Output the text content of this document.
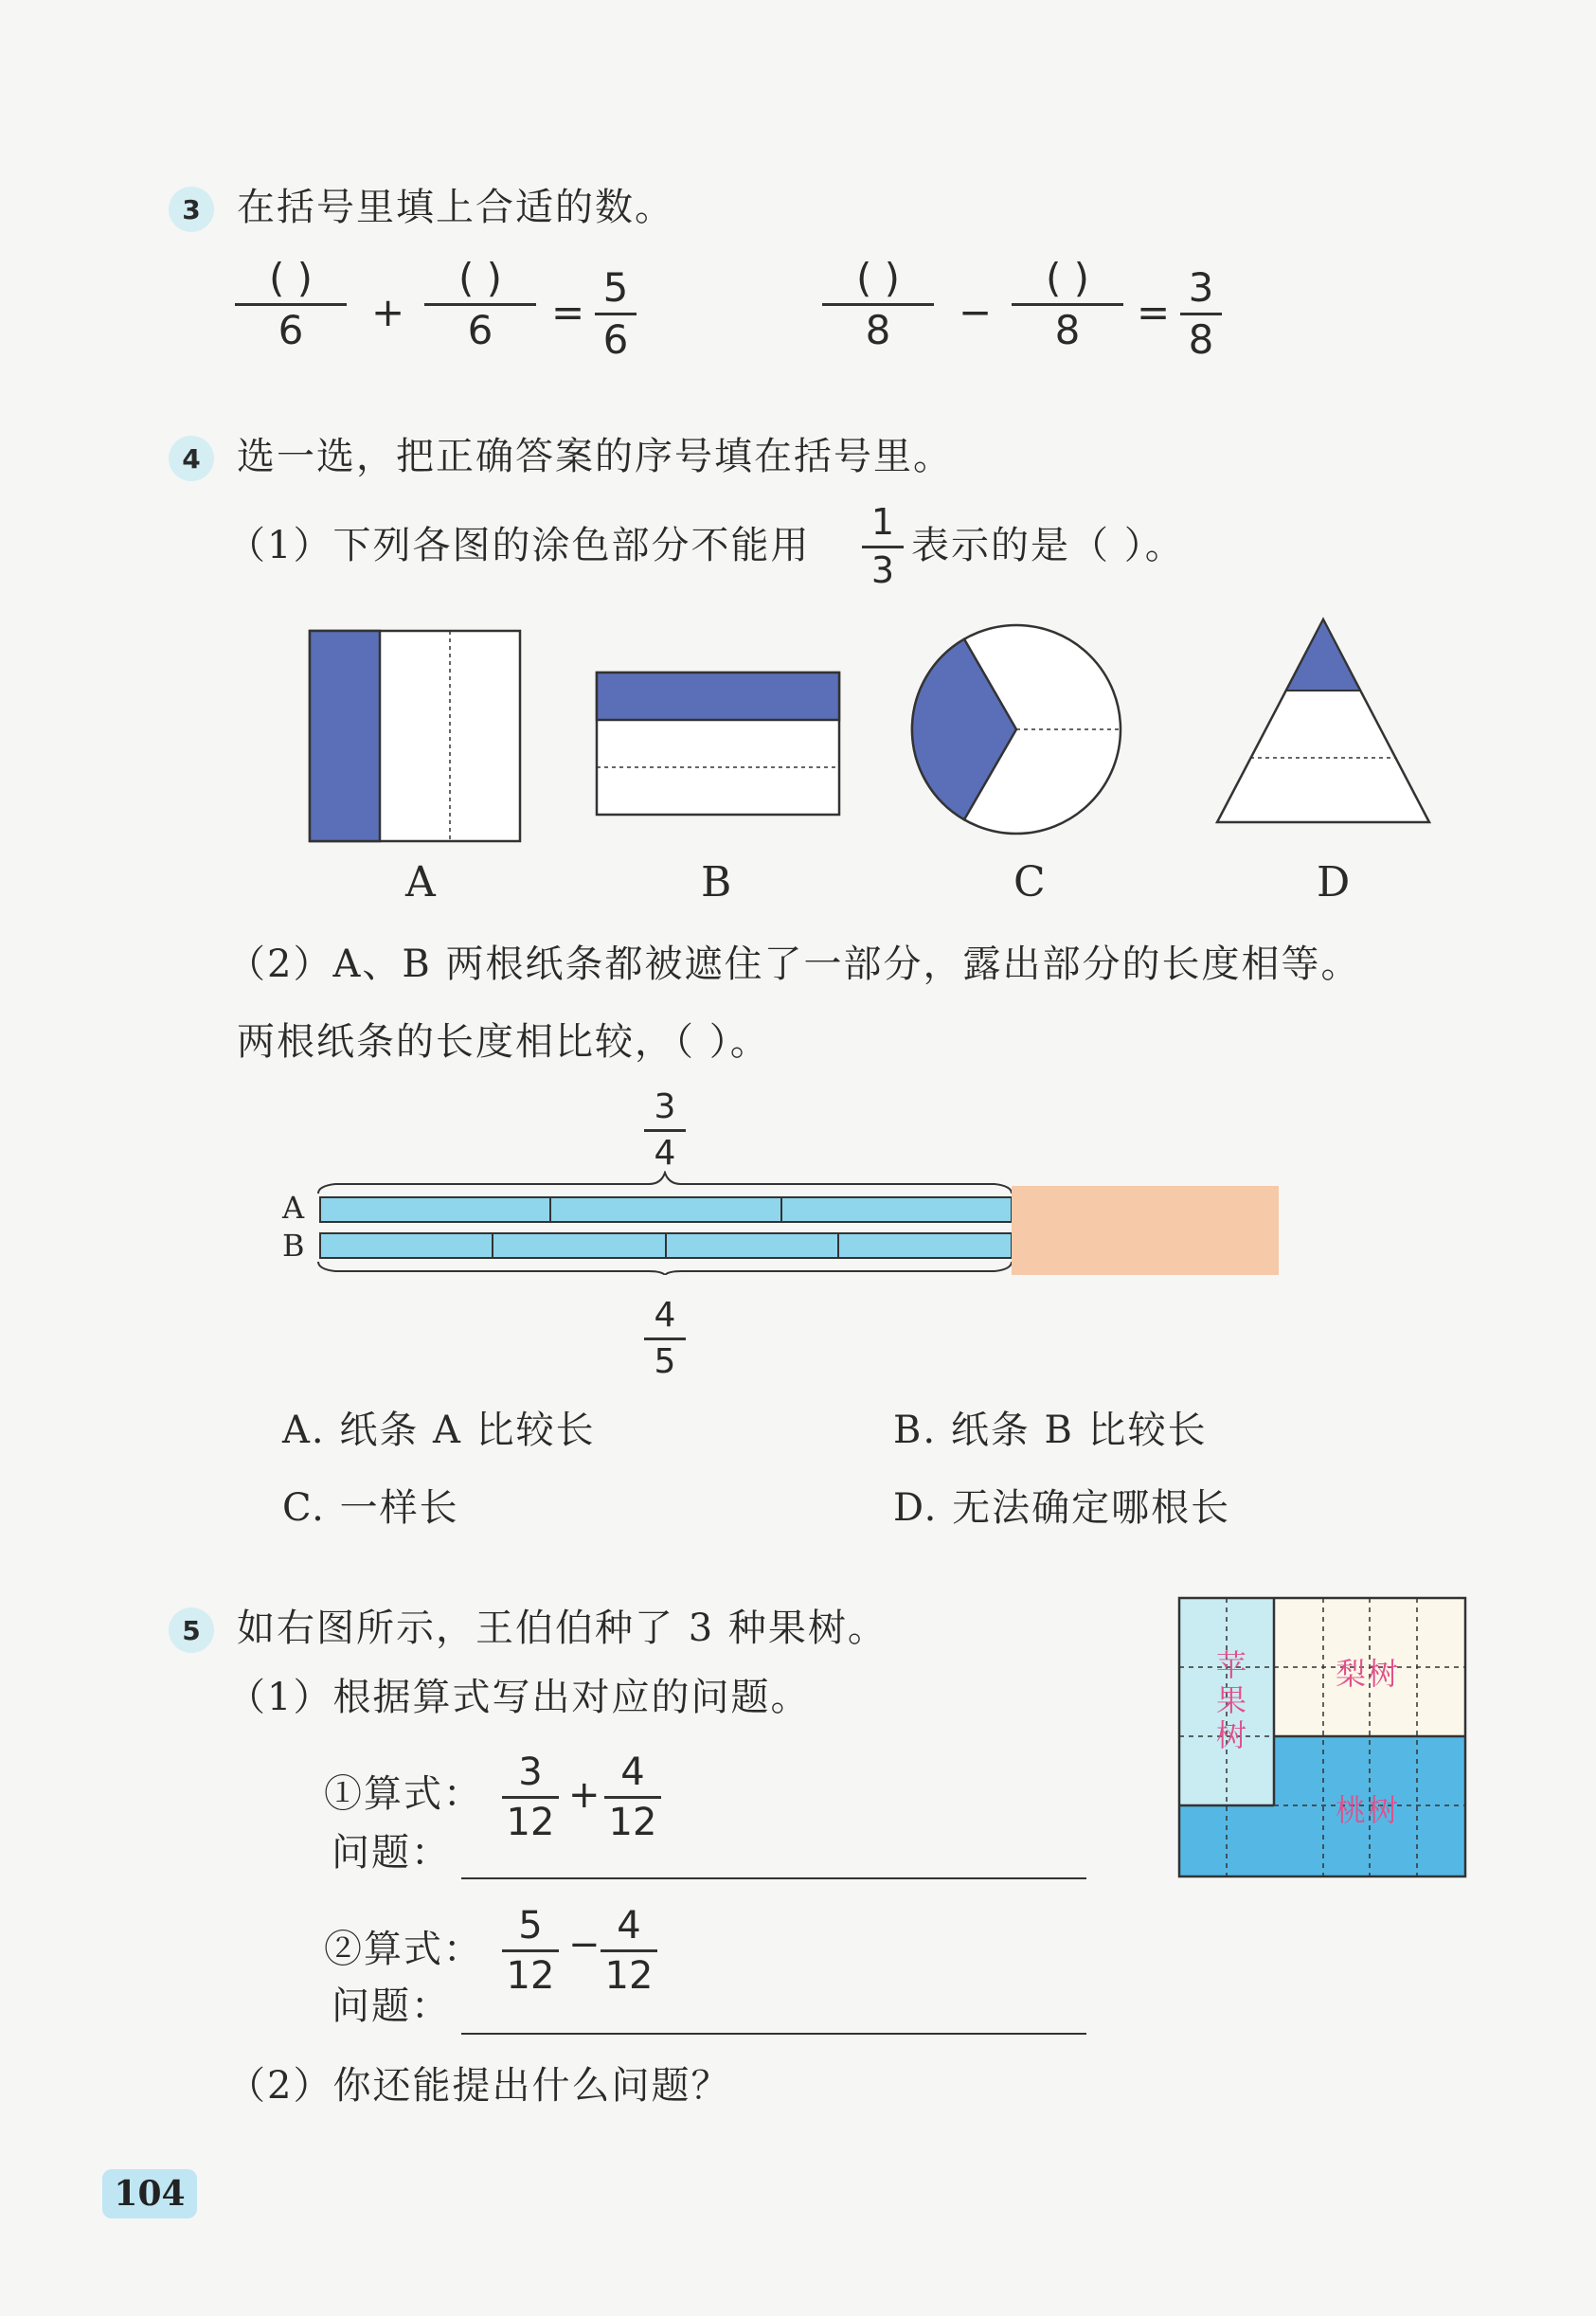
3 在括号里填上合适的数。
( )
6	+
( )
6	=
5
6
( )
8	−
( )
8	=
3
8
4 选一选，把正确答案的序号填在括号里。
（1）下列各图的涂色部分不能用
1
3
表示的是（ ）。
A	B	C	D
（2）A、B 两根纸条都被遮住了一部分，露出部分的长度相等。
两根纸条的长度相比较，（ ）。
3
4
A
B
4
5
A. 纸条 A 比较长	B. 纸条 B 比较长
C. 一样长	D. 无法确定哪根长
5 如右图所示，王伯伯种了 3 种果树。
（1）根据算式写出对应的问题。
①算式： 3
12
+
4
12
问题：
②算式：
5
12
− 4
12
问题：
（2）你还能提出什么问题？
苹
果
树
梨树
桃树
104
